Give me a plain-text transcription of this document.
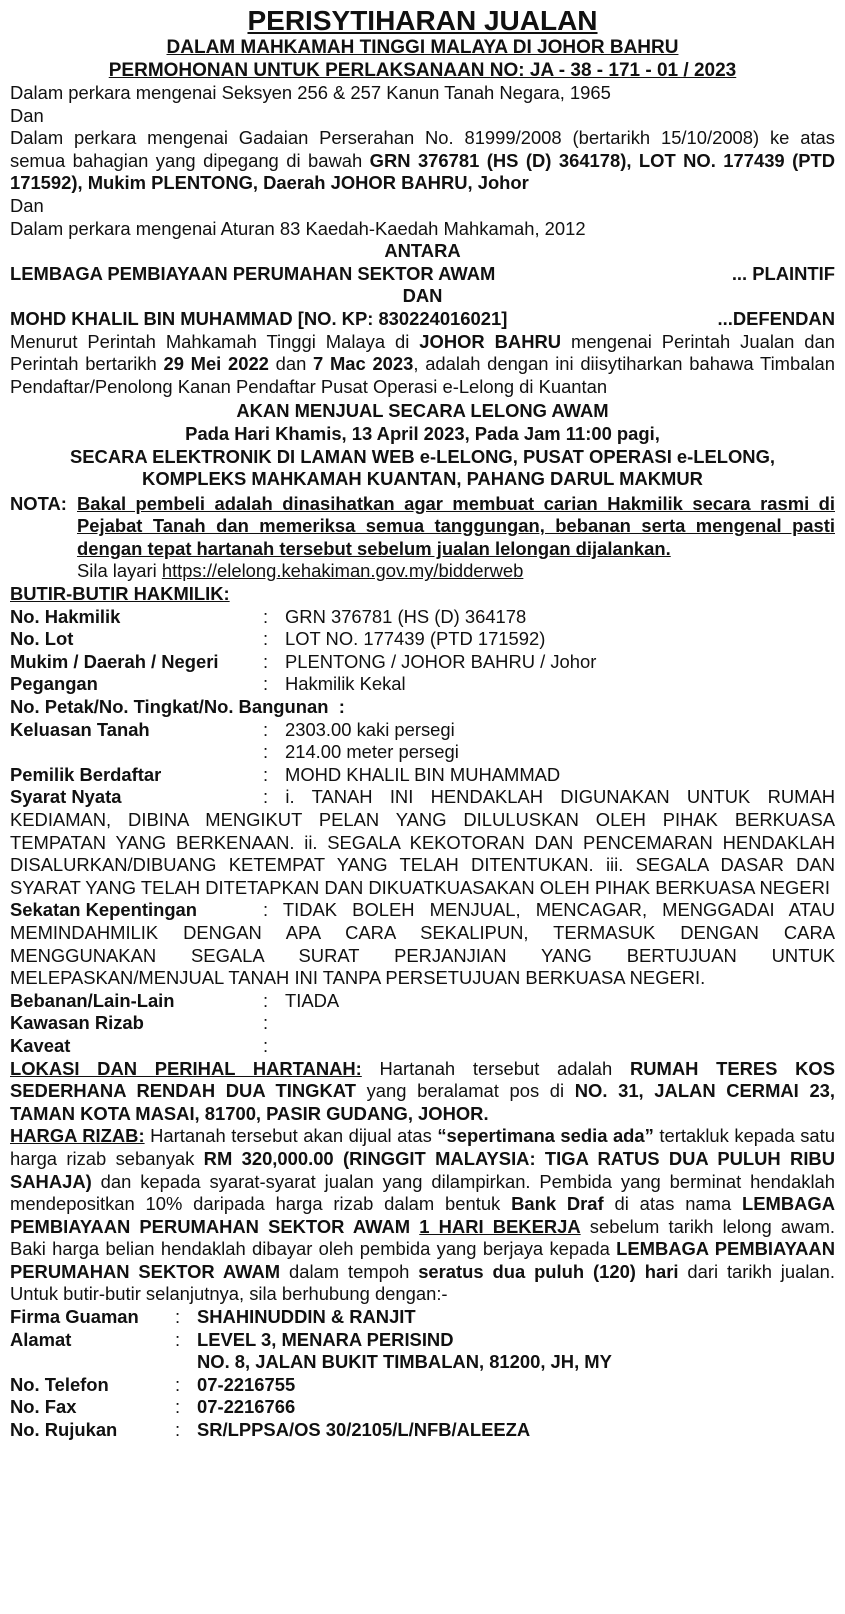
PERISYTIHARAN JUALAN
DALAM MAHKAMAH TINGGI MALAYA DI JOHOR BAHRU
PERMOHONAN UNTUK PERLAKSANAAN NO: JA - 38 - 171 - 01 / 2023
Dalam perkara mengenai Seksyen 256 & 257 Kanun Tanah Negara, 1965
Dan
Dalam perkara mengenai Gadaian Perserahan No. 81999/2008 (bertarikh 15/10/2008) ke atas semua bahagian yang dipegang di bawah GRN 376781 (HS (D) 364178), LOT NO. 177439 (PTD 171592), Mukim PLENTONG, Daerah JOHOR BAHRU, Johor
Dan
Dalam perkara mengenai Aturan 83 Kaedah-Kaedah Mahkamah, 2012
ANTARA
LEMBAGA PEMBIAYAAN PERUMAHAN SEKTOR AWAM	... PLAINTIF
DAN
MOHD KHALIL BIN MUHAMMAD [NO. KP: 830224016021]	...DEFENDAN
Menurut Perintah Mahkamah Tinggi Malaya di JOHOR BAHRU mengenai Perintah Jualan dan Perintah bertarikh 29 Mei 2022 dan 7 Mac 2023, adalah dengan ini diisytiharkan bahawa Timbalan Pendaftar/Penolong Kanan Pendaftar Pusat Operasi e-Lelong di Kuantan
AKAN MENJUAL SECARA LELONG AWAM
Pada Hari Khamis, 13 April 2023, Pada Jam 11:00 pagi,
SECARA ELEKTRONIK DI LAMAN WEB e-LELONG, PUSAT OPERASI e-LELONG,
KOMPLEKS MAHKAMAH KUANTAN, PAHANG DARUL MAKMUR
NOTA: Bakal pembeli adalah dinasihatkan agar membuat carian Hakmilik secara rasmi di Pejabat Tanah dan memeriksa semua tanggungan, bebanan serta mengenal pasti dengan tepat hartanah tersebut sebelum jualan lelongan dijalankan.
Sila layari https://elelong.kehakiman.gov.my/bidderweb
BUTIR-BUTIR HAKMILIK:
No. Hakmilik	: GRN 376781 (HS (D) 364178
No. Lot	: LOT NO. 177439 (PTD 171592)
Mukim / Daerah / Negeri	: PLENTONG / JOHOR BAHRU / Johor
Pegangan	: Hakmilik Kekal
No. Petak/No. Tingkat/No. Bangunan :
Keluasan Tanah	: 2303.00 kaki persegi
: 214.00 meter persegi
Pemilik Berdaftar	: MOHD KHALIL BIN MUHAMMAD
Syarat Nyata	: i. TANAH INI HENDAKLAH DIGUNAKAN UNTUK RUMAH KEDIAMAN, DIBINA MENGIKUT PELAN YANG DILULUSKAN OLEH PIHAK BERKUASA TEMPATAN YANG BERKENAAN. ii. SEGALA KEKOTORAN DAN PENCEMARAN HENDAKLAH DISALURKAN/DIBUANG KETEMPAT YANG TELAH DITENTUKAN. iii. SEGALA DASAR DAN SYARAT YANG TELAH DITETAPKAN DAN DIKUATKUASAKAN OLEH PIHAK BERKUASA NEGERI
Sekatan Kepentingan	: TIDAK BOLEH MENJUAL, MENCAGAR, MENGGADAI ATAU MEMINDAHMILIK DENGAN APA CARA SEKALIPUN, TERMASUK DENGAN CARA MENGGUNAKAN SEGALA SURAT PERJANJIAN YANG BERTUJUAN UNTUK MELEPASKAN/MENJUAL TANAH INI TANPA PERSETUJUAN BERKUASA NEGERI.
Bebanan/Lain-Lain	: TIADA
Kawasan Rizab	:
Kaveat	:
LOKASI DAN PERIHAL HARTANAH: Hartanah tersebut adalah RUMAH TERES KOS SEDERHANA RENDAH DUA TINGKAT yang beralamat pos di NO. 31, JALAN CERMAI 23, TAMAN KOTA MASAI, 81700, PASIR GUDANG, JOHOR.
HARGA RIZAB: Hartanah tersebut akan dijual atas “sepertimana sedia ada” tertakluk kepada satu harga rizab sebanyak RM 320,000.00 (RINGGIT MALAYSIA: TIGA RATUS DUA PULUH RIBU SAHAJA) dan kepada syarat-syarat jualan yang dilampirkan. Pembida yang berminat hendaklah mendepositkan 10% daripada harga rizab dalam bentuk Bank Draf di atas nama LEMBAGA PEMBIAYAAN PERUMAHAN SEKTOR AWAM 1 HARI BEKERJA sebelum tarikh lelong awam. Baki harga belian hendaklah dibayar oleh pembida yang berjaya kepada LEMBAGA PEMBIAYAAN PERUMAHAN SEKTOR AWAM dalam tempoh seratus dua puluh (120) hari dari tarikh jualan. Untuk butir-butir selanjutnya, sila berhubung dengan:-
Firma Guaman	: SHAHINUDDIN & RANJIT
Alamat	: LEVEL 3, MENARA PERISIND
NO. 8, JALAN BUKIT TIMBALAN, 81200, JH, MY
No. Telefon	: 07-2216755
No. Fax	: 07-2216766
No. Rujukan	: SR/LPPSA/OS 30/2105/L/NFB/ALEEZA
